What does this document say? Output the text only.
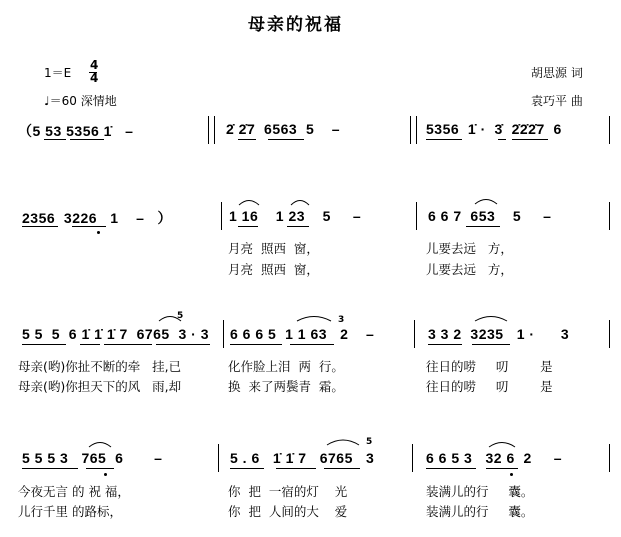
母亲的祝福
1＝E
4
4
♩＝60 深情地
胡思源 词
袁巧平 曲
（5 53 5356 1̇   –	2̇ 2̇7  6563  5    –	5356  1̇ ·  3̇  2̇2̇2̇7  6
2356  3226   1    –   ）	1 16    1 23    5     –	6 6 7  653    5     –
月亮  照西  窗，	儿要去远   方，
月亮  照西  窗，	儿要去远   方，
5 5  5  6 1̇ 1̇ 1̇ 7  6765  3 · 3
5	3
6 6 6 5  1 1 63   2    –	3 3 2  3235   1 ·      3
母亲(哟)你扯不断的牵   挂,已	化作脸上泪  两  行。	往日的唠     叨        是
母亲(哟)你担天下的风   雨,却	换  来了两鬓青  霜。	往日的唠     叨        是
5 5 5 3   765  6       –	5 . 6   1̇ 1̇ 7   6765   3
5
6 6 5 3   32 6  2     –
今夜无言 的 祝 福，	你  把  一宿的灯    光	装满儿的行     囊。
儿行千里 的路标，	你  把  人间的大    爱	装满儿的行     囊。
